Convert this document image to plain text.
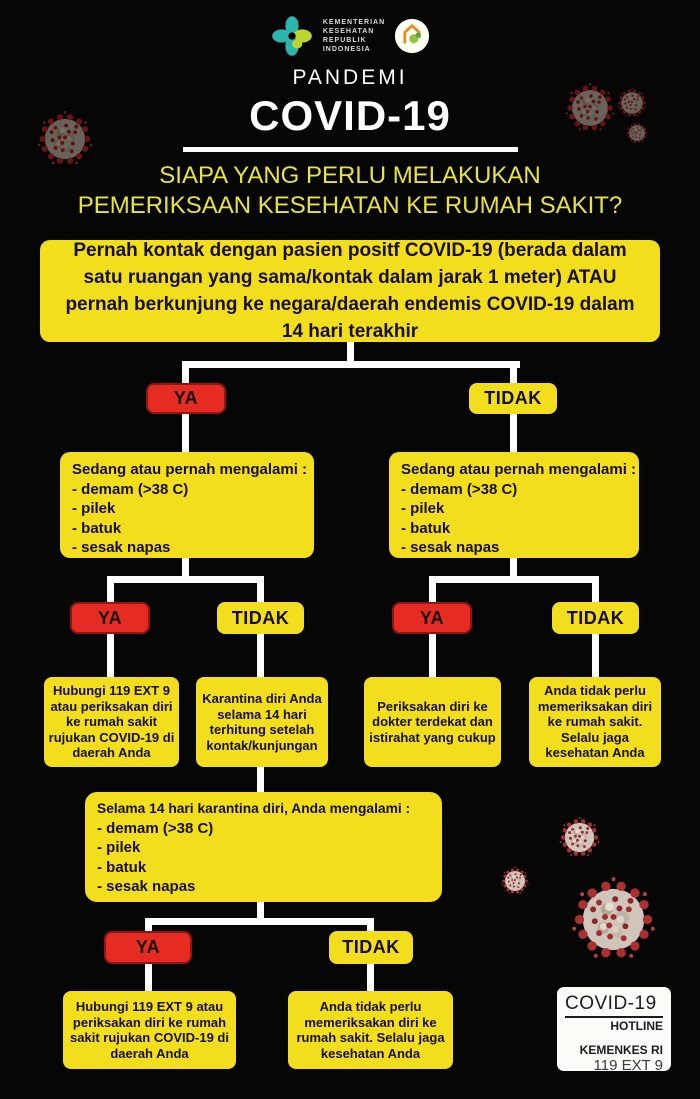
KEMENTERIAN
KESEHATAN
REPUBLIK
INDONESIA
PANDEMI
COVID-19
SIAPA YANG PERLU MELAKUKAN
PEMERIKSAAN KESEHATAN KE RUMAH SAKIT?
Pernah kontak dengan pasien positf COVID-19 (berada dalam satu ruangan yang sama/kontak dalam jarak 1 meter) ATAU pernah berkunjung ke negara/daerah endemis COVID-19 dalam 14 hari terakhir
YA	TIDAK
Sedang atau pernah mengalami :
- demam (>38 C)
- pilek
- batuk
- sesak napas
Sedang atau pernah mengalami :
- demam (>38 C)
- pilek
- batuk
- sesak napas
YA	TIDAK	YA	TIDAK
Hubungi 119 EXT 9 atau periksakan diri ke rumah sakit rujukan COVID-19 di daerah Anda
Karantina diri Anda selama 14 hari terhitung setelah kontak/kunjungan
Periksakan diri ke dokter terdekat dan istirahat yang cukup
Anda tidak perlu memeriksakan diri ke rumah sakit. Selalu jaga kesehatan Anda
Selama 14 hari karantina diri, Anda mengalami :
- demam (>38 C)
- pilek
- batuk
- sesak napas
YA	TIDAK
Hubungi 119 EXT 9 atau periksakan diri ke rumah sakit rujukan COVID-19 di daerah Anda
Anda tidak perlu memeriksakan diri ke rumah sakit. Selalu jaga kesehatan Anda
COVID-19
HOTLINE
KEMENKES RI
119 EXT 9
